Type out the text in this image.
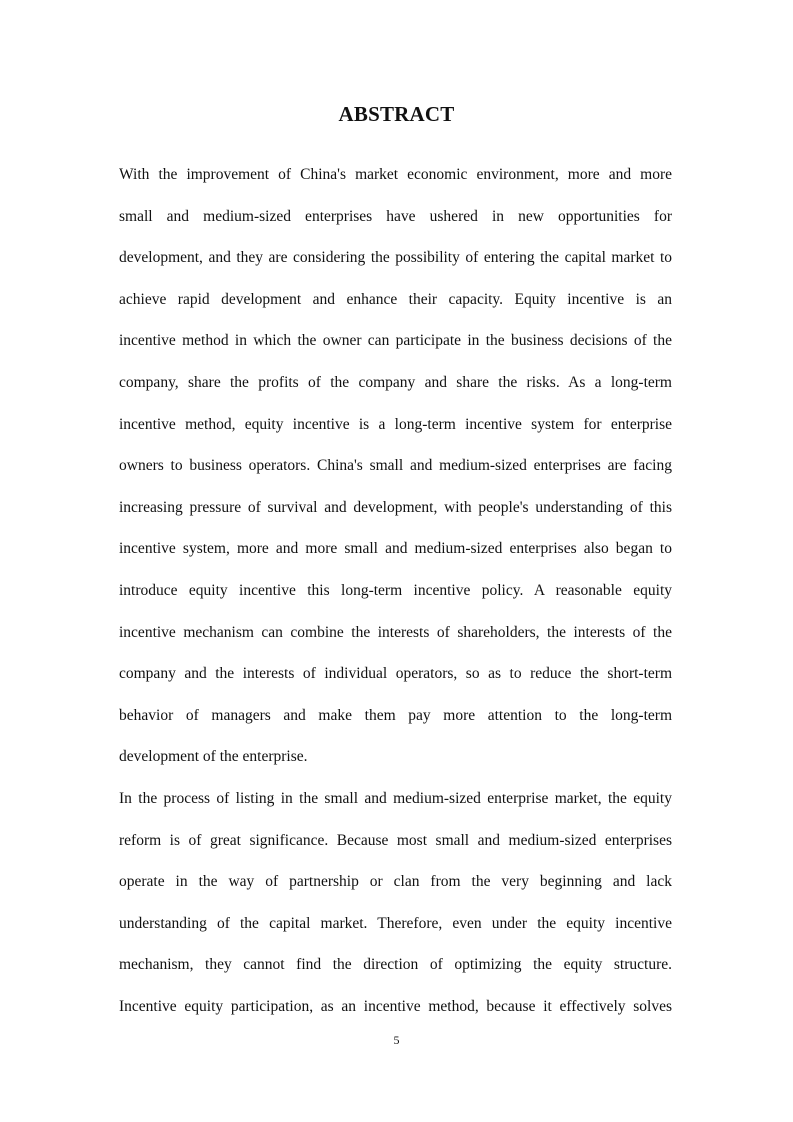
ABSTRACT
With the improvement of China's market economic environment, more and more
small and medium-sized enterprises have ushered in new opportunities for
development, and they are considering the possibility of entering the capital market to
achieve rapid development and enhance their capacity. Equity incentive is an
incentive method in which the owner can participate in the business decisions of the
company, share the profits of the company and share the risks. As a long-term
incentive method, equity incentive is a long-term incentive system for enterprise
owners to business operators. China's small and medium-sized enterprises are facing
increasing pressure of survival and development, with people's understanding of this
incentive system, more and more small and medium-sized enterprises also began to
introduce equity incentive this long-term incentive policy. A reasonable equity
incentive mechanism can combine the interests of shareholders, the interests of the
company and the interests of individual operators, so as to reduce the short-term
behavior of managers and make them pay more attention to the long-term
development of the enterprise.
In the process of listing in the small and medium-sized enterprise market, the equity
reform is of great significance. Because most small and medium-sized enterprises
operate in the way of partnership or clan from the very beginning and lack
understanding of the capital market. Therefore, even under the equity incentive
mechanism, they cannot find the direction of optimizing the equity structure.
Incentive equity participation, as an incentive method, because it effectively solves

5
